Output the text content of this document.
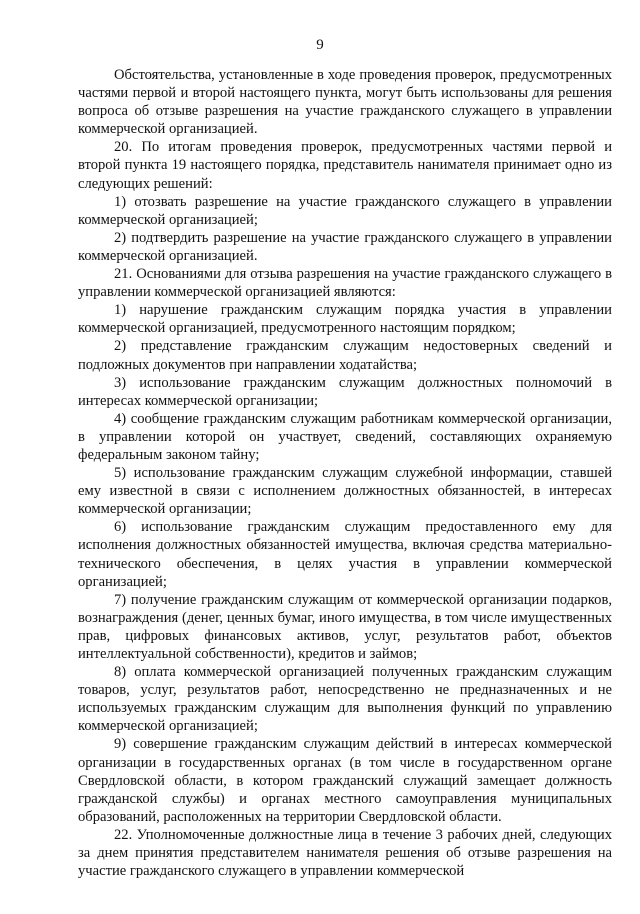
9

Обстоятельства, установленные в ходе проведения проверок, предусмотренных частями первой и второй настоящего пункта, могут быть использованы для решения вопроса об отзыве разрешения на участие гражданского служащего в управлении коммерческой организацией.

20. По итогам проведения проверок, предусмотренных частями первой и второй пункта 19 настоящего порядка, представитель нанимателя принимает одно из следующих решений:

1) отозвать разрешение на участие гражданского служащего в управлении коммерческой организацией;

2) подтвердить разрешение на участие гражданского служащего в управлении коммерческой организацией.

21. Основаниями для отзыва разрешения на участие гражданского служащего в управлении коммерческой организацией являются:

1) нарушение гражданским служащим порядка участия в управлении коммерческой организацией, предусмотренного настоящим порядком;

2) представление гражданским служащим недостоверных сведений и подложных документов при направлении ходатайства;

3) использование гражданским служащим должностных полномочий в интересах коммерческой организации;

4) сообщение гражданским служащим работникам коммерческой организации, в управлении которой он участвует, сведений, составляющих охраняемую федеральным законом тайну;

5) использование гражданским служащим служебной информации, ставшей ему известной в связи с исполнением должностных обязанностей, в интересах коммерческой организации;

6) использование гражданским служащим предоставленного ему для исполнения должностных обязанностей имущества, включая средства материально-технического обеспечения, в целях участия в управлении коммерческой организацией;

7) получение гражданским служащим от коммерческой организации подарков, вознаграждения (денег, ценных бумаг, иного имущества, в том числе имущественных прав, цифровых финансовых активов, услуг, результатов работ, объектов интеллектуальной собственности), кредитов и займов;

8) оплата коммерческой организацией полученных гражданским служащим товаров, услуг, результатов работ, непосредственно не предназначенных и не используемых гражданским служащим для выполнения функций по управлению коммерческой организацией;

9) совершение гражданским служащим действий в интересах коммерческой организации в государственных органах (в том числе в государственном органе Свердловской области, в котором гражданский служащий замещает должность гражданской службы) и органах местного самоуправления муниципальных образований, расположенных на территории Свердловской области.

22. Уполномоченные должностные лица в течение 3 рабочих дней, следующих за днем принятия представителем нанимателя решения об отзыве разрешения на участие гражданского служащего в управлении коммерческой
